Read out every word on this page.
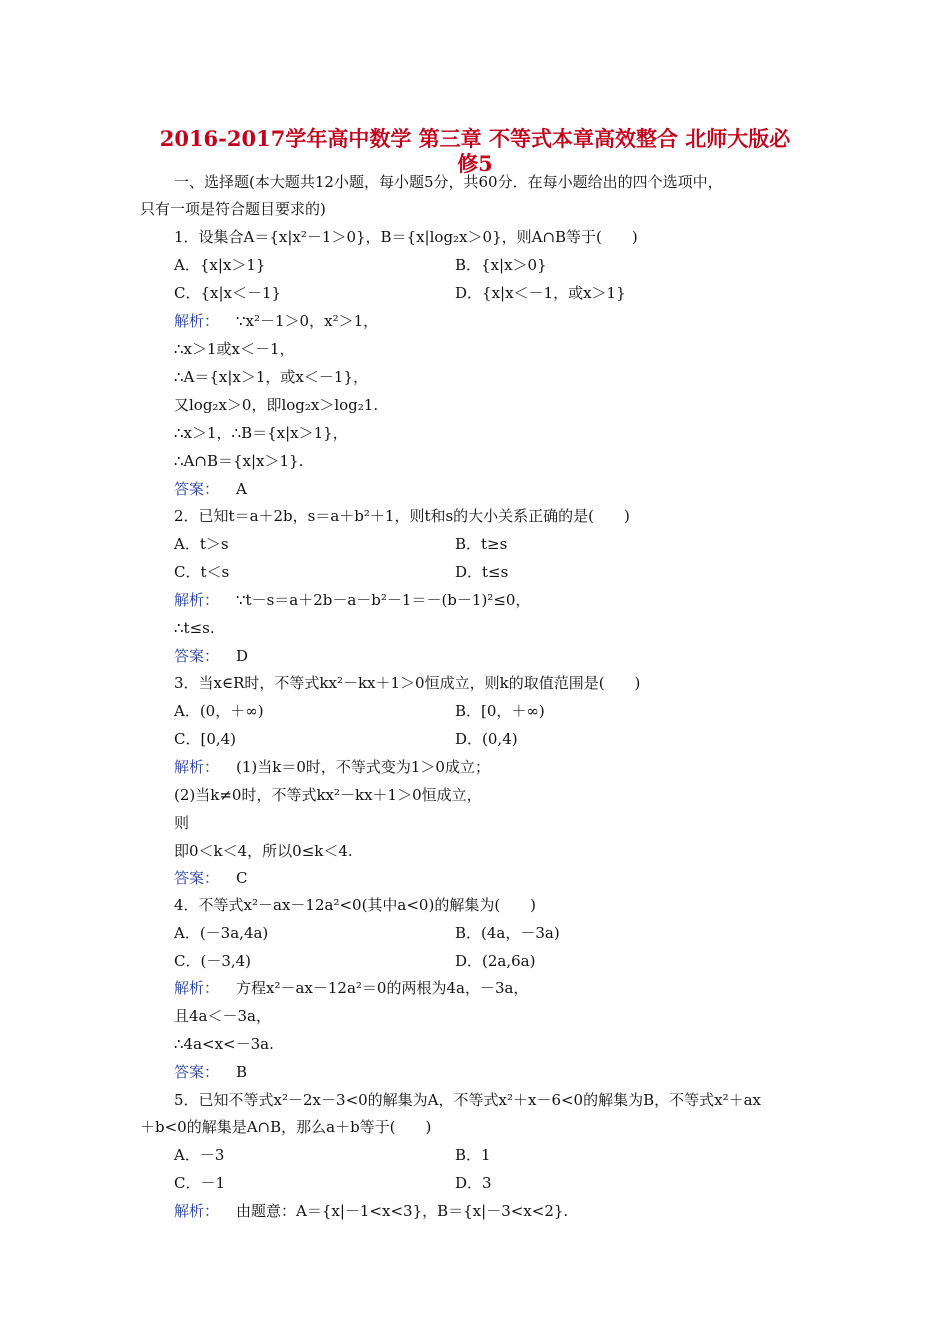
2016-2017学年高中数学 第三章 不等式本章高效整合 北师大版必
修5
一、选择题(本大题共12小题，每小题5分，共60分．在每小题给出的四个选项中，
只有一项是符合题目要求的)
1．设集合A＝{x|x²－1＞0}，B＝{x|log₂x＞0}，则A∩B等于(　　)
A．{x|x＞1}	B．{x|x＞0}
C．{x|x＜－1}	D．{x|x＜－1，或x＞1}
解析： ∵x²－1＞0，x²＞1，
∴x＞1或x＜－1，
∴A＝{x|x＞1，或x＜－1}，
又log₂x＞0，即log₂x＞log₂1.
∴x＞1，∴B＝{x|x＞1}，
∴A∩B＝{x|x＞1}.
答案： A
2．已知t＝a＋2b，s＝a＋b²＋1，则t和s的大小关系正确的是(　　)
A．t＞s	B．t≥s
C．t＜s	D．t≤s
解析： ∵t－s＝a＋2b－a－b²－1＝－(b－1)²≤0，
∴t≤s.
答案： D
3．当x∈R时，不等式kx²－kx＋1＞0恒成立，则k的取值范围是(　　)
A．(0，＋∞)	B．[0，＋∞)
C．[0,4)	D．(0,4)
解析： (1)当k＝0时，不等式变为1＞0成立；
(2)当k≠0时，不等式kx²－kx＋1＞0恒成立，
则
即0＜k＜4，所以0≤k＜4.
答案： C
4．不等式x²－ax－12a²<0(其中a<0)的解集为(　　)
A．(－3a,4a)	B．(4a，－3a)
C．(－3,4)	D．(2a,6a)
解析： 方程x²－ax－12a²＝0的两根为4a，－3a，
且4a＜－3a，
∴4a<x<－3a.
答案： B
5．已知不等式x²－2x－3<0的解集为A，不等式x²＋x－6<0的解集为B，不等式x²＋ax
＋b<0的解集是A∩B，那么a＋b等于(　　)
A．－3	B．1
C．－1	D．3
解析： 由题意：A＝{x|－1<x<3}，B＝{x|－3<x<2}.
